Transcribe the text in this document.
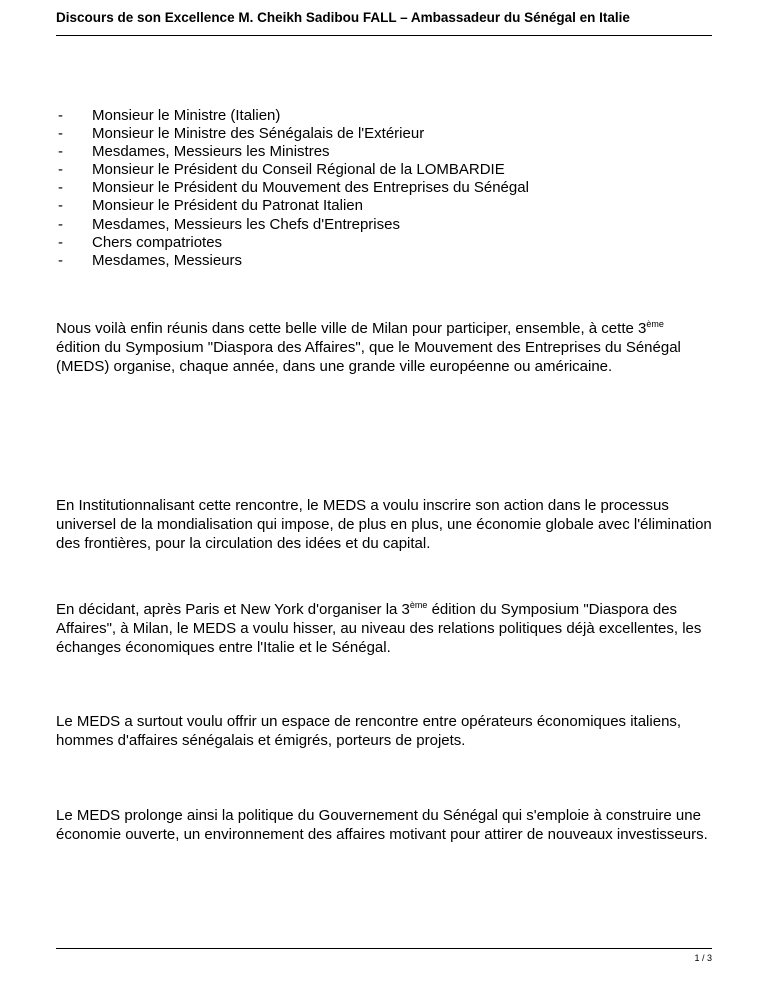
Discours de son Excellence M. Cheikh Sadibou FALL – Ambassadeur du Sénégal en Italie
- Monsieur le Ministre (Italien)
- Monsieur le Ministre des Sénégalais de l'Extérieur
- Mesdames, Messieurs les Ministres
- Monsieur le Président du Conseil Régional de la LOMBARDIE
- Monsieur le Président du Mouvement des Entreprises du Sénégal
- Monsieur le Président du Patronat Italien
- Mesdames, Messieurs les Chefs d'Entreprises
- Chers compatriotes
- Mesdames, Messieurs

Nous voilà enfin réunis dans cette belle ville de Milan pour participer, ensemble, à cette 3ème édition du Symposium "Diaspora des Affaires", que le Mouvement des Entreprises du Sénégal (MEDS) organise, chaque année, dans une grande ville européenne ou américaine.

En Institutionnalisant cette rencontre, le MEDS a voulu inscrire son action dans le processus universel de la mondialisation qui impose, de plus en plus, une économie globale avec l'élimination des frontières, pour la circulation des idées et du capital.

En décidant, après Paris et New York d'organiser la 3ème édition du Symposium "Diaspora des Affaires", à Milan, le MEDS a voulu hisser, au niveau des relations politiques déjà excellentes, les échanges économiques entre l'Italie et le Sénégal.

Le MEDS a surtout voulu offrir un espace de rencontre entre opérateurs économiques italiens, hommes d'affaires sénégalais et émigrés, porteurs de projets.

Le MEDS prolonge ainsi la politique du Gouvernement du Sénégal qui s'emploie à construire une économie ouverte, un environnement des affaires motivant pour attirer de nouveaux investisseurs.

1 / 3
